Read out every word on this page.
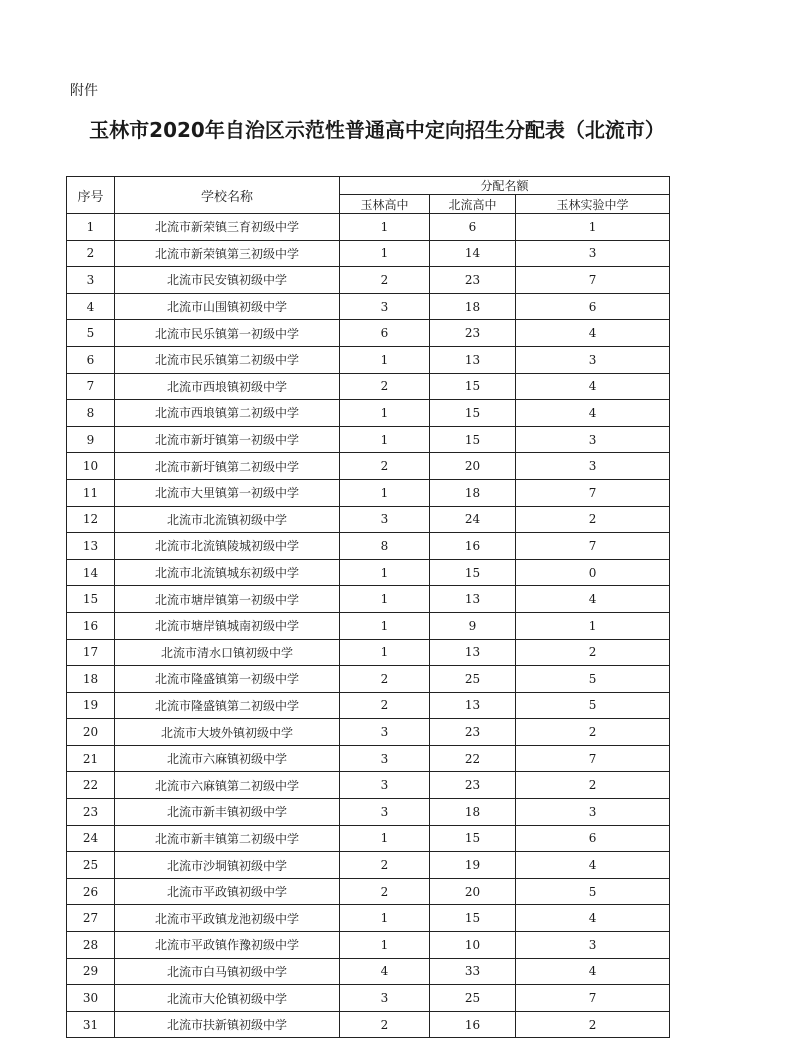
附件
玉林市2020年自治区示范性普通高中定向招生分配表（北流市）
序号	学校名称	分配名额		
		玉林高中	北流高中	玉林实验中学
1	北流市新荣镇三育初级中学	1	6	1
2	北流市新荣镇第三初级中学	1	14	3
3	北流市民安镇初级中学	2	23	7
4	北流市山围镇初级中学	3	18	6
5	北流市民乐镇第一初级中学	6	23	4
6	北流市民乐镇第二初级中学	1	13	3
7	北流市西埌镇初级中学	2	15	4
8	北流市西埌镇第二初级中学	1	15	4
9	北流市新圩镇第一初级中学	1	15	3
10	北流市新圩镇第二初级中学	2	20	3
11	北流市大里镇第一初级中学	1	18	7
12	北流市北流镇初级中学	3	24	2
13	北流市北流镇陵城初级中学	8	16	7
14	北流市北流镇城东初级中学	1	15	0
15	北流市塘岸镇第一初级中学	1	13	4
16	北流市塘岸镇城南初级中学	1	9	1
17	北流市清水口镇初级中学	1	13	2
18	北流市隆盛镇第一初级中学	2	25	5
19	北流市隆盛镇第二初级中学	2	13	5
20	北流市大坡外镇初级中学	3	23	2
21	北流市六麻镇初级中学	3	22	7
22	北流市六麻镇第二初级中学	3	23	2
23	北流市新丰镇初级中学	3	18	3
24	北流市新丰镇第二初级中学	1	15	6
25	北流市沙垌镇初级中学	2	19	4
26	北流市平政镇初级中学	2	20	5
27	北流市平政镇龙池初级中学	1	15	4
28	北流市平政镇作豫初级中学	1	10	3
29	北流市白马镇初级中学	4	33	4
30	北流市大伦镇初级中学	3	25	7
31	北流市扶新镇初级中学	2	16	2
